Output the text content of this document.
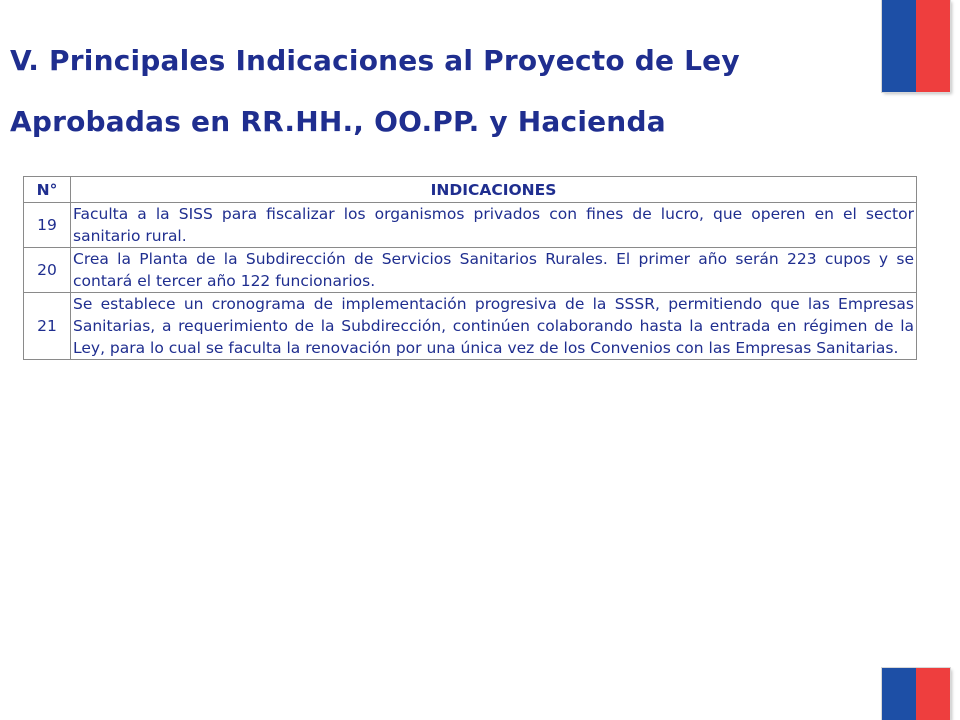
V. Principales Indicaciones al Proyecto de Ley
Aprobadas en RR.HH., OO.PP. y Hacienda
N°	INDICACIONES
19	Faculta a la SISS para fiscalizar los organismos privados con fines de lucro, que operen en el sector sanitario rural.
20	Crea la Planta de la Subdirección de Servicios Sanitarios Rurales. El primer año serán 223 cupos y se contará el tercer año 122 funcionarios.
21	Se establece un cronograma de implementación progresiva de la SSSR, permitiendo que las Empresas Sanitarias, a requerimiento de la Subdirección, continúen colaborando hasta la entrada en régimen de la Ley, para lo cual se faculta la renovación por una única vez de los Convenios con las Empresas Sanitarias.
